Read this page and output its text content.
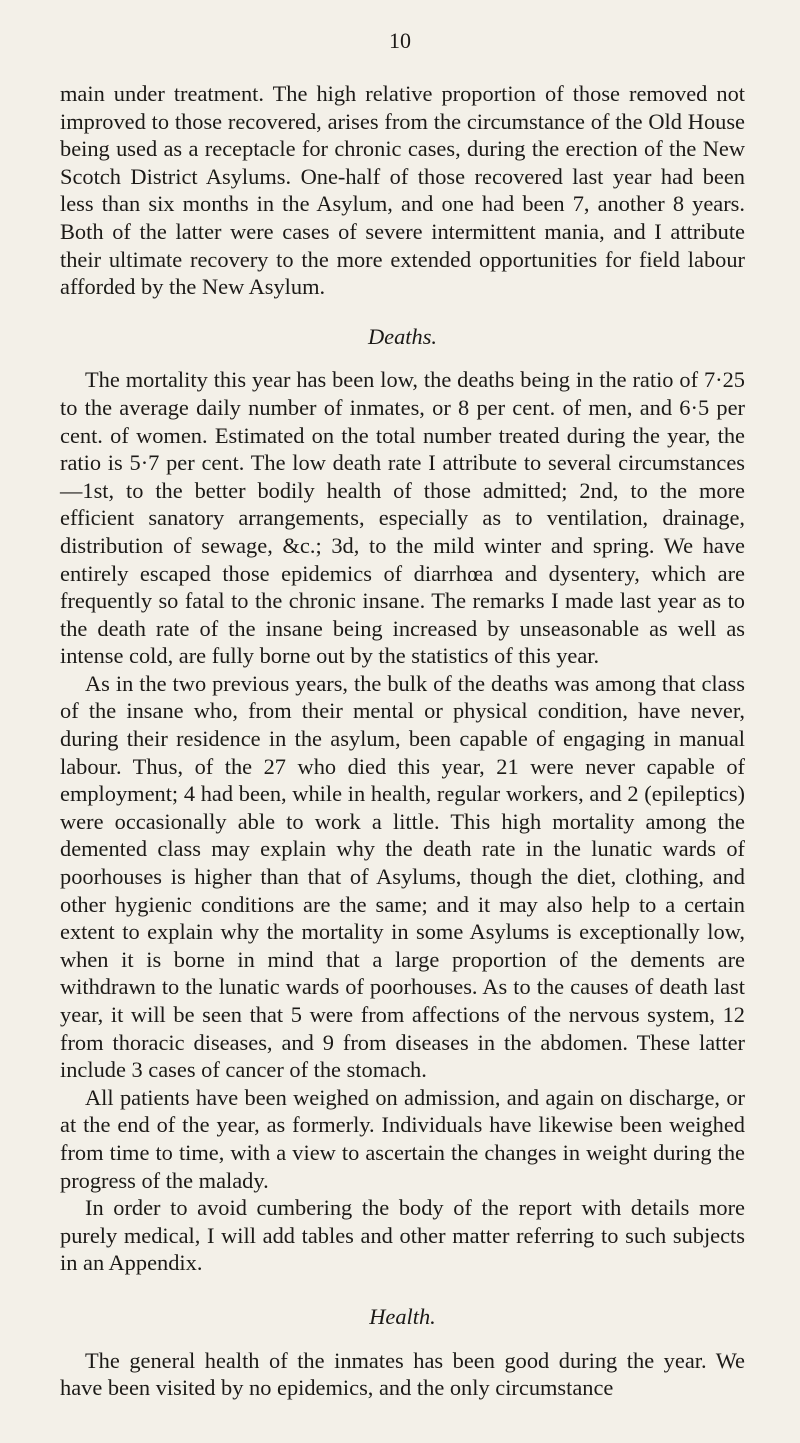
10

main under treatment. The high relative proportion of those removed not improved to those recovered, arises from the circumstance of the Old House being used as a receptacle for chronic cases, during the erection of the New Scotch District Asylums. One-half of those recovered last year had been less than six months in the Asylum, and one had been 7, another 8 years. Both of the latter were cases of severe intermittent mania, and I attribute their ultimate recovery to the more extended opportunities for field labour afforded by the New Asylum.

Deaths.

The mortality this year has been low, the deaths being in the ratio of 7·25 to the average daily number of inmates, or 8 per cent. of men, and 6·5 per cent. of women. Estimated on the total number treated during the year, the ratio is 5·7 per cent. The low death rate I attribute to several circumstances—1st, to the better bodily health of those admitted; 2nd, to the more efficient sanatory arrangements, especially as to ventilation, drainage, distribution of sewage, &c.; 3d, to the mild winter and spring. We have entirely escaped those epidemics of diarrhœa and dysentery, which are frequently so fatal to the chronic insane. The remarks I made last year as to the death rate of the insane being increased by unseasonable as well as intense cold, are fully borne out by the statistics of this year.

As in the two previous years, the bulk of the deaths was among that class of the insane who, from their mental or physical condition, have never, during their residence in the asylum, been capable of engaging in manual labour. Thus, of the 27 who died this year, 21 were never capable of employment; 4 had been, while in health, regular workers, and 2 (epileptics) were occasionally able to work a little. This high mortality among the demented class may explain why the death rate in the lunatic wards of poorhouses is higher than that of Asylums, though the diet, clothing, and other hygienic conditions are the same; and it may also help to a certain extent to explain why the mortality in some Asylums is exceptionally low, when it is borne in mind that a large proportion of the dements are withdrawn to the lunatic wards of poorhouses. As to the causes of death last year, it will be seen that 5 were from affections of the nervous system, 12 from thoracic diseases, and 9 from diseases in the abdomen. These latter include 3 cases of cancer of the stomach.

All patients have been weighed on admission, and again on discharge, or at the end of the year, as formerly. Individuals have likewise been weighed from time to time, with a view to ascertain the changes in weight during the progress of the malady.

In order to avoid cumbering the body of the report with details more purely medical, I will add tables and other matter referring to such subjects in an Appendix.

Health.

The general health of the inmates has been good during the year. We have been visited by no epidemics, and the only circumstance
